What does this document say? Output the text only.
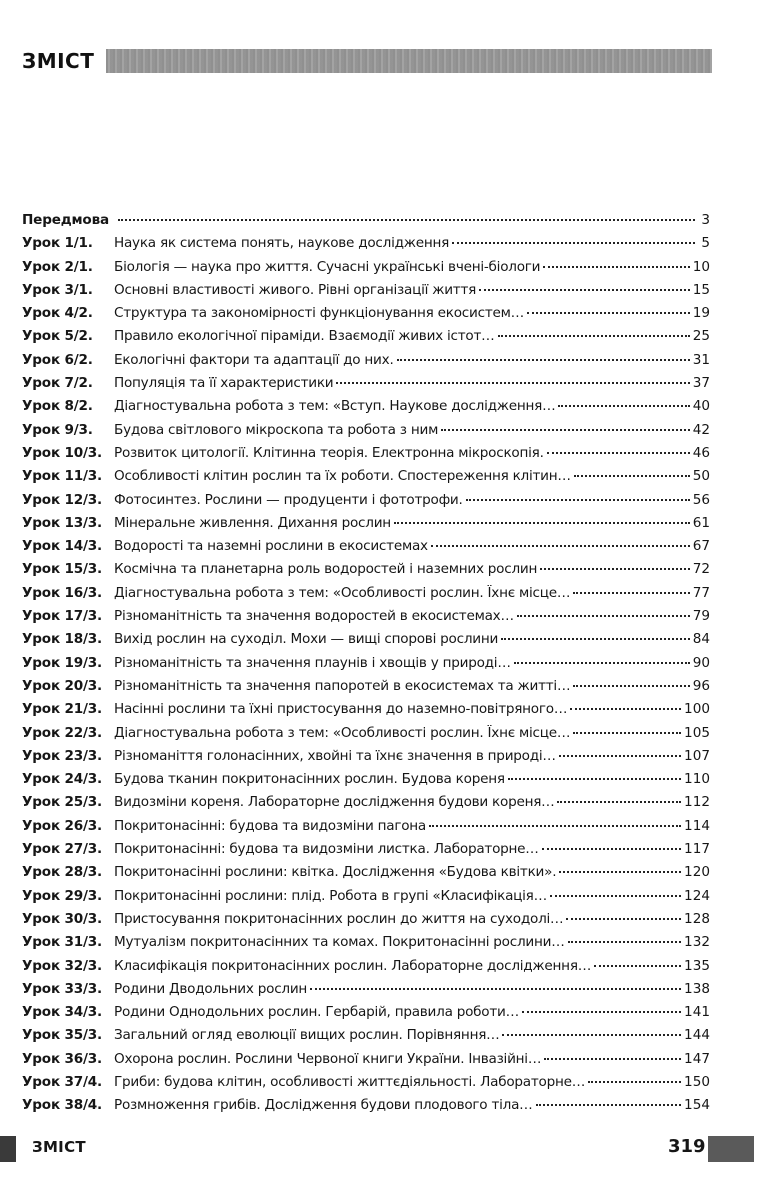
ЗМІСТ
Передмова	3
Урок 1/1.	Наука як система понять, наукове дослідження	5
Урок 2/1.	Біологія — наука про життя. Сучасні українські вчені-біологи	10
Урок 3/1.	Основні властивості живого. Рівні організації життя	15
Урок 4/2.	Структура та закономірності функціонування екосистем…	19
Урок 5/2.	Правило екологічної піраміди. Взаємодії живих істот…	25
Урок 6/2.	Екологічні фактори та адаптації до них.	31
Урок 7/2.	Популяція та її характеристики	37
Урок 8/2.	Діагностувальна робота з тем: «Вступ. Наукове дослідження…	40
Урок 9/3.	Будова світлового мікроскопа та робота з ним	42
Урок 10/3. Розвиток цитології. Клітинна теорія. Електронна мікроскопія.	46
Урок 11/3. Особливості клітин рослин та їх роботи. Спостереження клітин…	50
Урок 12/3. Фотосинтез. Рослини — продуценти і фототрофи.	56
Урок 13/3. Мінеральне живлення. Дихання рослин	61
Урок 14/3. Водорості та наземні рослини в екосистемах	67
Урок 15/3. Космічна та планетарна роль водоростей і наземних рослин	72
Урок 16/3. Діагностувальна робота з тем: «Особливості рослин. Їхнє місце…	77
Урок 17/3. Різноманітність та значення водоростей в екосистемах…	79
Урок 18/3. Вихід рослин на суходіл. Мохи — вищі спорові рослини	84
Урок 19/3. Різноманітність та значення плаунів і хвощів у природі…	90
Урок 20/3. Різноманітність та значення папоротей в екосистемах та житті…	96
Урок 21/3. Насінні рослини та їхні пристосування до наземно-повітряного…	100
Урок 22/3. Діагностувальна робота з тем: «Особливості рослин. Їхнє місце…	105
Урок 23/3. Різноманіття голонасінних, хвойні та їхнє значення в природі…	107
Урок 24/3. Будова тканин покритонасінних рослин. Будова кореня	110
Урок 25/3. Видозміни кореня. Лабораторне дослідження будови кореня…	112
Урок 26/3. Покритонасінні: будова та видозміни пагона	114
Урок 27/3. Покритонасінні: будова та видозміни листка. Лабораторне…	117
Урок 28/3. Покритонасінні рослини: квітка. Дослідження «Будова квітки».	120
Урок 29/3. Покритонасінні рослини: плід. Робота в групі «Класифікація…	124
Урок 30/3. Пристосування покритонасінних рослин до життя на суходолі…	128
Урок 31/3. Мутуалізм покритонасінних та комах. Покритонасінні рослини…	132
Урок 32/3. Класифікація покритонасінних рослин. Лабораторне дослідження…	135
Урок 33/3. Родини Дводольних рослин	138
Урок 34/3. Родини Однодольних рослин. Гербарій, правила роботи…	141
Урок 35/3. Загальний огляд еволюції вищих рослин. Порівняння…	144
Урок 36/3. Охорона рослин. Рослини Червоної книги України. Інвазійні…	147
Урок 37/4. Гриби: будова клітин, особливості життєдіяльності. Лабораторне…	150
Урок 38/4. Розмноження грибів. Дослідження будови плодового тіла…	154
ЗМІСТ	319
